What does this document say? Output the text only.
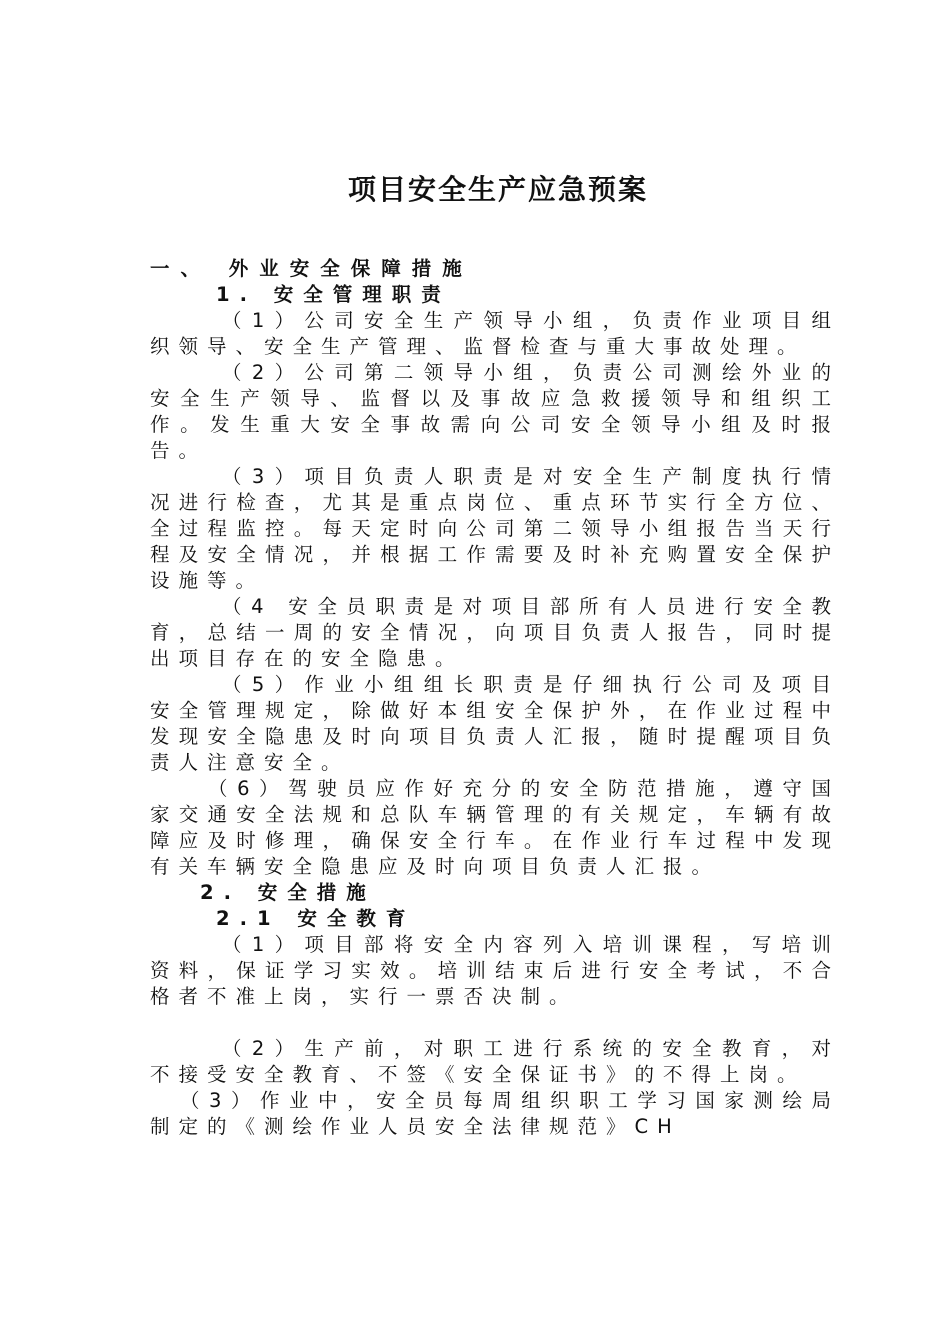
项目安全生产应急预案
一、 外业安全保障措施
1. 安全管理职责
（1）公司安全生产领导小组，负责作业项目组织领导、安全生产管理、监督检查与重大事故处理。
（2）公司第二领导小组，负责公司测绘外业的安全生产领导、监督以及事故应急救援领导和组织工作。发生重大安全事故需向公司安全领导小组及时报告。
（3）项目负责人职责是对安全生产制度执行情况进行检查，尤其是重点岗位、重点环节实行全方位、全过程监控。每天定时向公司第二领导小组报告当天行程及安全情况，并根据工作需要及时补充购置安全保护设施等。
（4 安全员职责是对项目部所有人员进行安全教育，总结一周的安全情况，向项目负责人报告，同时提出项目存在的安全隐患。
（5）作业小组组长职责是仔细执行公司及项目安全管理规定，除做好本组安全保护外，在作业过程中发现安全隐患及时向项目负责人汇报，随时提醒项目负责人注意安全。
（6）驾驶员应作好充分的安全防范措施，遵守国家交通安全法规和总队车辆管理的有关规定，车辆有故障应及时修理，确保安全行车。在作业行车过程中发现有关车辆安全隐患应及时向项目负责人汇报。
2. 安全措施
2.1 安全教育
（1）项目部将安全内容列入培训课程，写培训资料，保证学习实效。培训结束后进行安全考试，不合格者不准上岗，实行一票否决制。
（2）生产前，对职工进行系统的安全教育，对不接受安全教育、不签《安全保证书》的不得上岗。
（3）作业中，安全员每周组织职工学习国家测绘局制定的《测绘作业人员安全法律规范》CH
